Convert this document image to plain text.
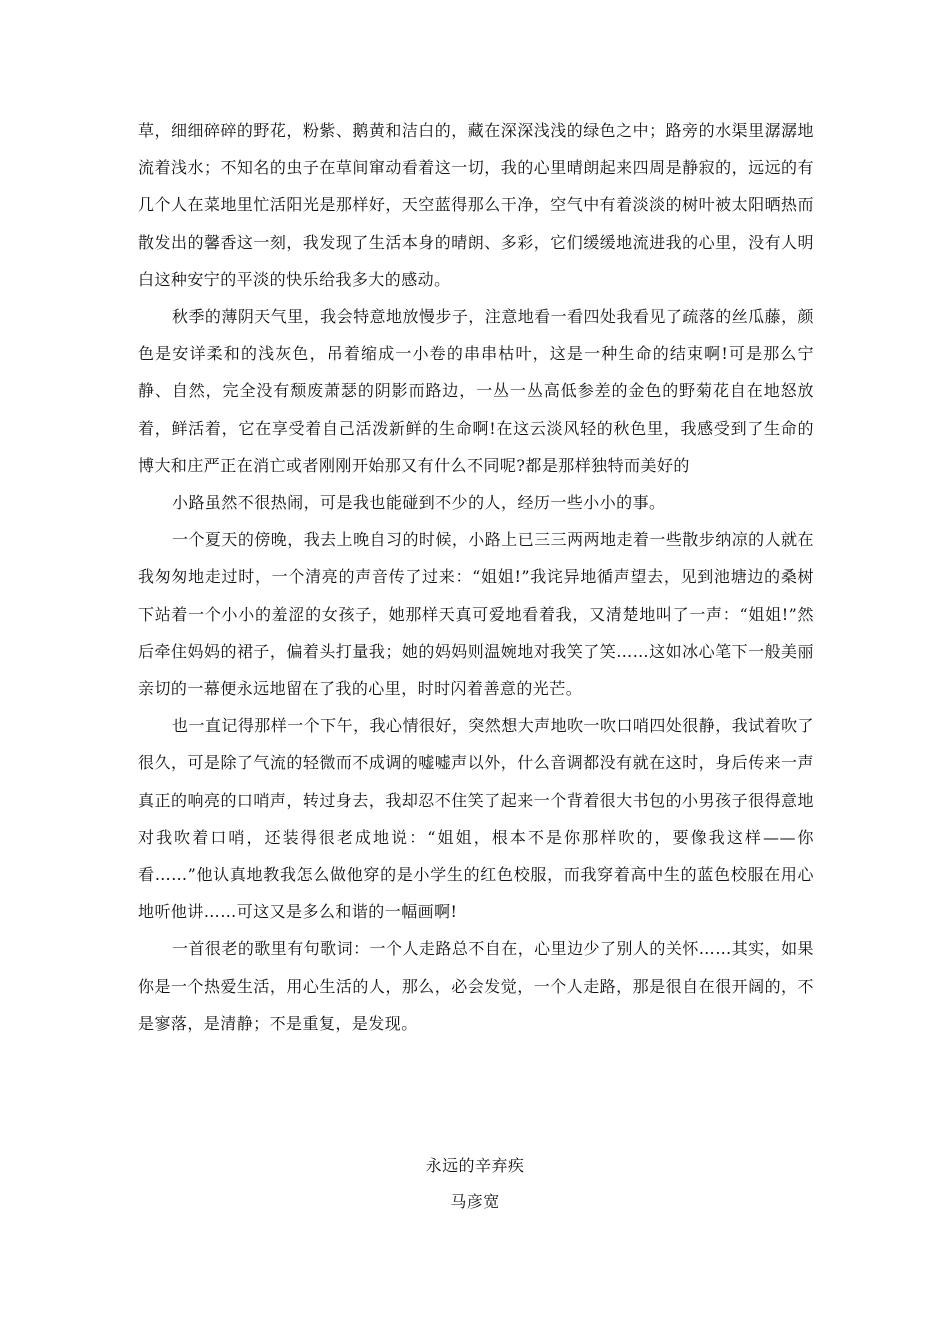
草，细细碎碎的野花，粉紫、鹅黄和洁白的，藏在深深浅浅的绿色之中；路旁的水渠里潺潺地流着浅水；不知名的虫子在草间窜动看着这一切，我的心里晴朗起来四周是静寂的，远远的有几个人在菜地里忙活阳光是那样好，天空蓝得那么干净，空气中有着淡淡的树叶被太阳晒热而散发出的馨香这一刻，我发现了生活本身的晴朗、多彩，它们缓缓地流进我的心里，没有人明白这种安宁的平淡的快乐给我多大的感动。

秋季的薄阴天气里，我会特意地放慢步子，注意地看一看四处我看见了疏落的丝瓜藤，颜色是安详柔和的浅灰色，吊着缩成一小卷的串串枯叶，这是一种生命的结束啊!可是那么宁静、自然，完全没有颓废萧瑟的阴影而路边，一丛一丛高低参差的金色的野菊花自在地怒放着，鲜活着，它在享受着自己活泼新鲜的生命啊!在这云淡风轻的秋色里，我感受到了生命的博大和庄严正在消亡或者刚刚开始那又有什么不同呢?都是那样独特而美好的

小路虽然不很热闹，可是我也能碰到不少的人，经历一些小小的事。

一个夏天的傍晚，我去上晚自习的时候，小路上已三三两两地走着一些散步纳凉的人就在我匆匆地走过时，一个清亮的声音传了过来：“姐姐!”我诧异地循声望去，见到池塘边的桑树下站着一个小小的羞涩的女孩子，她那样天真可爱地看着我，又清楚地叫了一声：“姐姐!”然后牵住妈妈的裙子，偏着头打量我；她的妈妈则温婉地对我笑了笑……这如冰心笔下一般美丽亲切的一幕便永远地留在了我的心里，时时闪着善意的光芒。

也一直记得那样一个下午，我心情很好，突然想大声地吹一吹口哨四处很静，我试着吹了很久，可是除了气流的轻微而不成调的嘘嘘声以外，什么音调都没有就在这时，身后传来一声真正的响亮的口哨声，转过身去，我却忍不住笑了起来一个背着很大书包的小男孩子很得意地对我吹着口哨，还装得很老成地说：“姐姐，根本不是你那样吹的，要像我这样——你看……”他认真地教我怎么做他穿的是小学生的红色校服，而我穿着高中生的蓝色校服在用心地听他讲……可这又是多么和谐的一幅画啊!

一首很老的歌里有句歌词：一个人走路总不自在，心里边少了别人的关怀……其实，如果你是一个热爱生活，用心生活的人，那么，必会发觉，一个人走路，那是很自在很开阔的，不是寥落，是清静；不是重复，是发现。

永远的辛弃疾
马彦宽
